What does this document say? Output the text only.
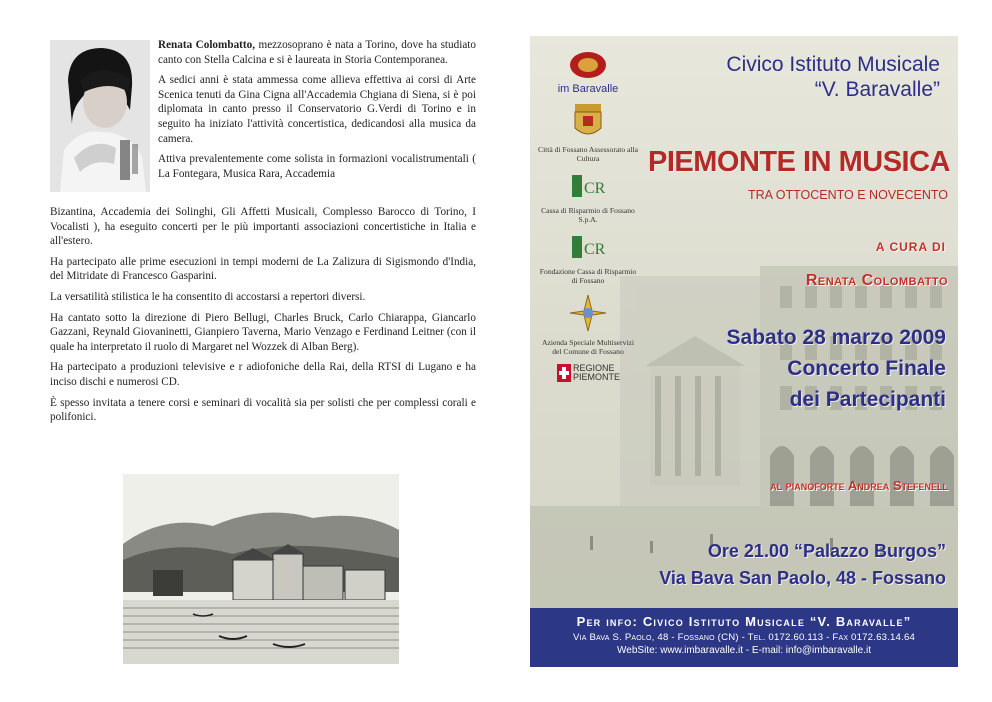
Renata Colombatto, mezzosoprano è nata a Torino, dove ha studiato canto con Stella Calcina e si è laureata in Storia Contemporanea.

A sedici anni è stata ammessa come allieva effettiva ai corsi di Arte Scenica tenuti da Gina Cigna all'Accademia Chgiana di Siena, si è poi diplomata in canto presso il Conservatorio G.Verdi di Torino e in seguito ha iniziato l'attività concertistica, dedicandosi alla musica da camera.

Attiva prevalentemente come solista in formazioni vocalistrumentali ( La Fontegara, Musica Rara, Accademia

Bizantina, Accademia dei Solinghi, Gli Affetti Musicali, Complesso Barocco di Torino, I Vocalisti ), ha eseguito concerti per le più importanti associazioni concertistiche in Italia e all'estero.

Ha partecipato alle prime esecuzioni in tempi moderni de La Zalizura di Sigismondo d'India, del Mitridate di Francesco Gasparini.

La versatilità stilistica le ha consentito di accostarsi a repertori diversi.

Ha cantato sotto la direzione di Piero Bellugi, Charles Bruck, Carlo Chiarappa, Giancarlo Gazzani, Reynald Giovaninetti, Gianpiero Taverna, Mario Venzago e Ferdinand Leitner (con il quale ha interpretato il ruolo di Margaret nel Wozzek di Alban Berg).

Ha partecipato a produzioni televisive e r adiofoniche della Rai, della RTSI di Lugano e ha inciso dischi e numerosi CD.

È spesso invitata a tenere corsi e seminari di vocalità sia per solisti che per complessi corali e polifonici.

im Baravalle
Città di Fossano Assessorato alla Cultura
CR
Cassa di Risparmio di Fossano S.p.A.
CR
Fondazione Cassa di Risparmio di Fossano
Azienda Speciale Multiservizi del Comune di Fossano
REGIONE PIEMONTE
Civico Istituto Musicale
“V. Baravalle”
PIEMONTE IN MUSICA
TRA OTTOCENTO E NOVECENTO
A CURA DI
Renata Colombatto
Sabato 28 marzo 2009
Concerto Finale
dei Partecipanti
al pianoforte Andrea Stefenell
Ore 21.00 “Palazzo Burgos”
Via Bava San Paolo, 48 - Fossano
Per info: Civico Istituto Musicale “V. Baravalle”
Via Bava S. Paolo, 48 - Fossano (CN) - Tel. 0172.60.113 - Fax 0172.63.14.64
WebSite: www.imbaravalle.it - E-mail: info@imbaravalle.it
